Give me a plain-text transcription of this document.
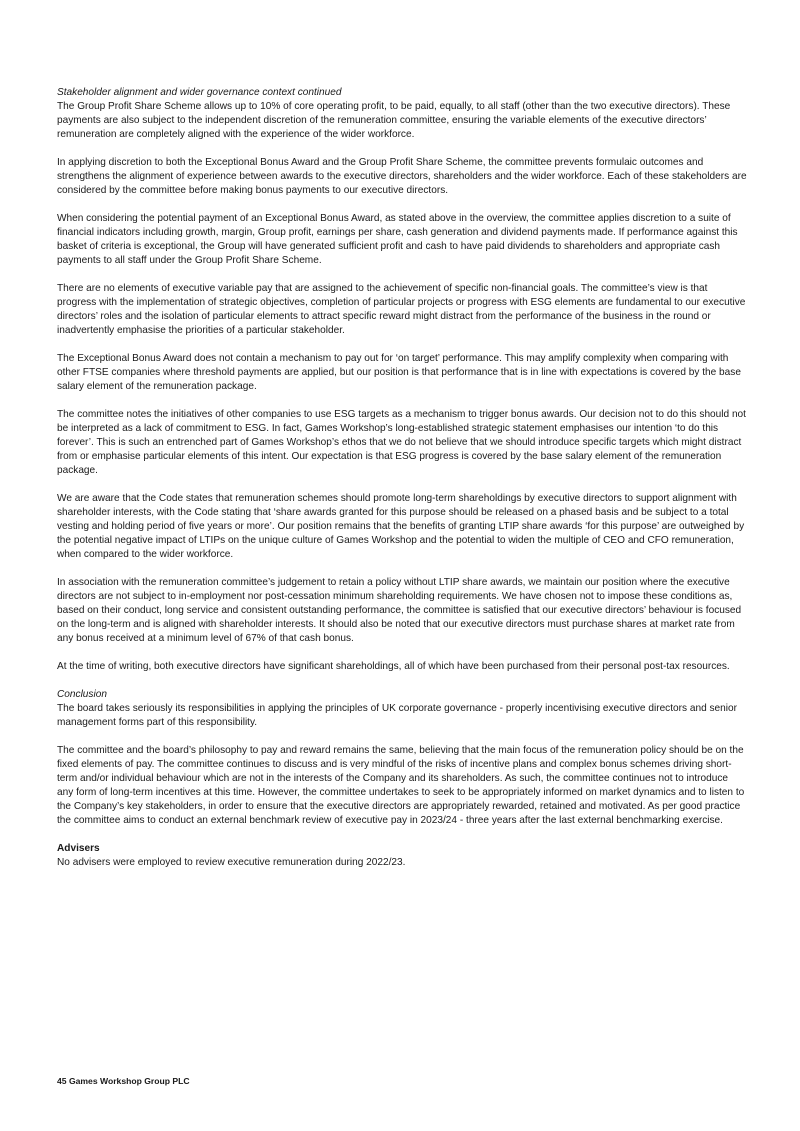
Stakeholder alignment and wider governance context continued
The Group Profit Share Scheme allows up to 10% of core operating profit, to be paid, equally, to all staff (other than the two executive directors). These payments are also subject to the independent discretion of the remuneration committee, ensuring the variable elements of the executive directors’ remuneration are completely aligned with the experience of the wider workforce.

In applying discretion to both the Exceptional Bonus Award and the Group Profit Share Scheme, the committee prevents formulaic outcomes and strengthens the alignment of experience between awards to the executive directors, shareholders and the wider workforce. Each of these stakeholders are considered by the committee before making bonus payments to our executive directors.

When considering the potential payment of an Exceptional Bonus Award, as stated above in the overview, the committee applies discretion to a suite of financial indicators including growth, margin, Group profit, earnings per share, cash generation and dividend payments made. If performance against this basket of criteria is exceptional, the Group will have generated sufficient profit and cash to have paid dividends to shareholders and appropriate cash payments to all staff under the Group Profit Share Scheme.

There are no elements of executive variable pay that are assigned to the achievement of specific non-financial goals. The committee’s view is that progress with the implementation of strategic objectives, completion of particular projects or progress with ESG elements are fundamental to our executive directors’ roles and the isolation of particular elements to attract specific reward might distract from the performance of the business in the round or inadvertently emphasise the priorities of a particular stakeholder.

The Exceptional Bonus Award does not contain a mechanism to pay out for ‘on target’ performance. This may amplify complexity when comparing with other FTSE companies where threshold payments are applied, but our position is that performance that is in line with expectations is covered by the base salary element of the remuneration package.

The committee notes the initiatives of other companies to use ESG targets as a mechanism to trigger bonus awards. Our decision not to do this should not be interpreted as a lack of commitment to ESG. In fact, Games Workshop’s long-established strategic statement emphasises our intention ‘to do this forever’. This is such an entrenched part of Games Workshop’s ethos that we do not believe that we should introduce specific targets which might distract from or emphasise particular elements of this intent. Our expectation is that ESG progress is covered by the base salary element of the remuneration package.

We are aware that the Code states that remuneration schemes should promote long-term shareholdings by executive directors to support alignment with shareholder interests, with the Code stating that ‘share awards granted for this purpose should be released on a phased basis and be subject to a total vesting and holding period of five years or more’. Our position remains that the benefits of granting LTIP share awards ‘for this purpose’ are outweighed by the potential negative impact of LTIPs on the unique culture of Games Workshop and the potential to widen the multiple of CEO and CFO remuneration, when compared to the wider workforce.

In association with the remuneration committee’s judgement to retain a policy without LTIP share awards, we maintain our position where the executive directors are not subject to in-employment nor post-cessation minimum shareholding requirements. We have chosen not to impose these conditions as, based on their conduct, long service and consistent outstanding performance, the committee is satisfied that our executive directors’ behaviour is focused on the long-term and is aligned with shareholder interests. It should also be noted that our executive directors must purchase shares at market rate from any bonus received at a minimum level of 67% of that cash bonus.

At the time of writing, both executive directors have significant shareholdings, all of which have been purchased from their personal post-tax resources.

Conclusion
The board takes seriously its responsibilities in applying the principles of UK corporate governance - properly incentivising executive directors and senior management forms part of this responsibility.

The committee and the board’s philosophy to pay and reward remains the same, believing that the main focus of the remuneration policy should be on the fixed elements of pay. The committee continues to discuss and is very mindful of the risks of incentive plans and complex bonus schemes driving short-term and/or individual behaviour which are not in the interests of the Company and its shareholders. As such, the committee continues not to introduce any form of long-term incentives at this time. However, the committee undertakes to seek to be appropriately informed on market dynamics and to listen to the Company’s key stakeholders, in order to ensure that the executive directors are appropriately rewarded, retained and motivated. As per good practice the committee aims to conduct an external benchmark review of executive pay in 2023/24 - three years after the last external benchmarking exercise.

Advisers
No advisers were employed to review executive remuneration during 2022/23.
45 Games Workshop Group PLC
